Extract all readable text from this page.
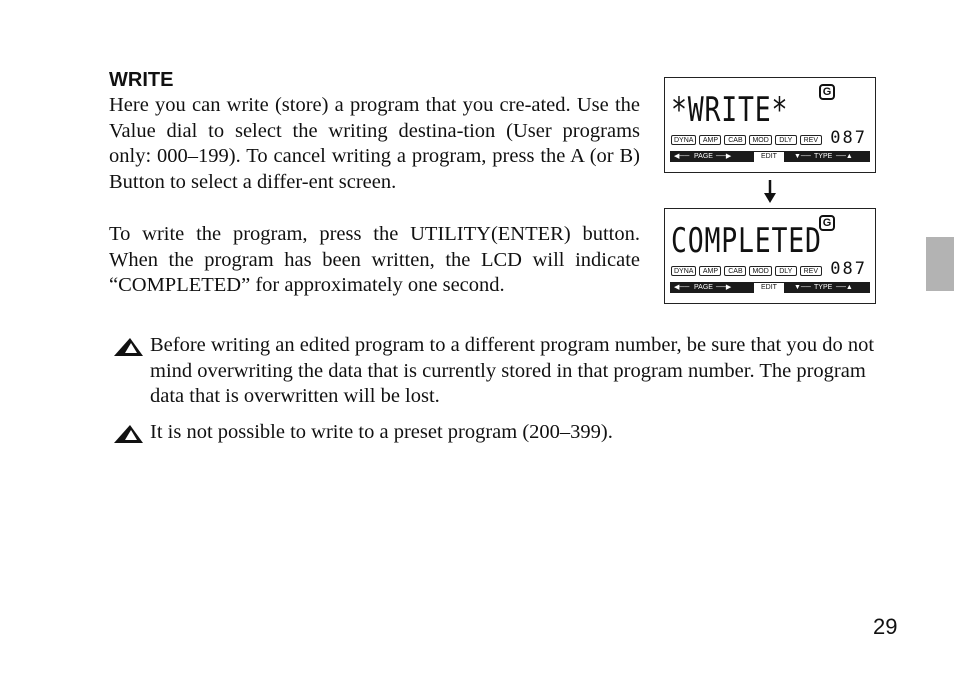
WRITE

Here you can write (store) a program that you cre-ated. Use the Value dial to select the writing destina-tion (User programs only: 000–199). To cancel writing a program, press the A (or B) Button to select a differ-ent screen.

To write the program, press the UTILITY(ENTER) button. When the program has been written, the LCD will indicate “COMPLETED” for approximately one second.

G
*WRITE*
DYNA	AMP	CAB	MOD	DLY	REV 087
◀── PAGE ──▶	EDIT	▼── TYPE ──▲
G
COMPLETED
DYNA	AMP	CAB	MOD	DLY	REV 087
◀── PAGE ──▶	EDIT	▼── TYPE ──▲
Before writing an edited program to a different program number, be sure that you do not mind overwriting the data that is currently stored in that program number. The program data that is overwritten will be lost.
It is not possible to write to a preset program (200–399).
29
